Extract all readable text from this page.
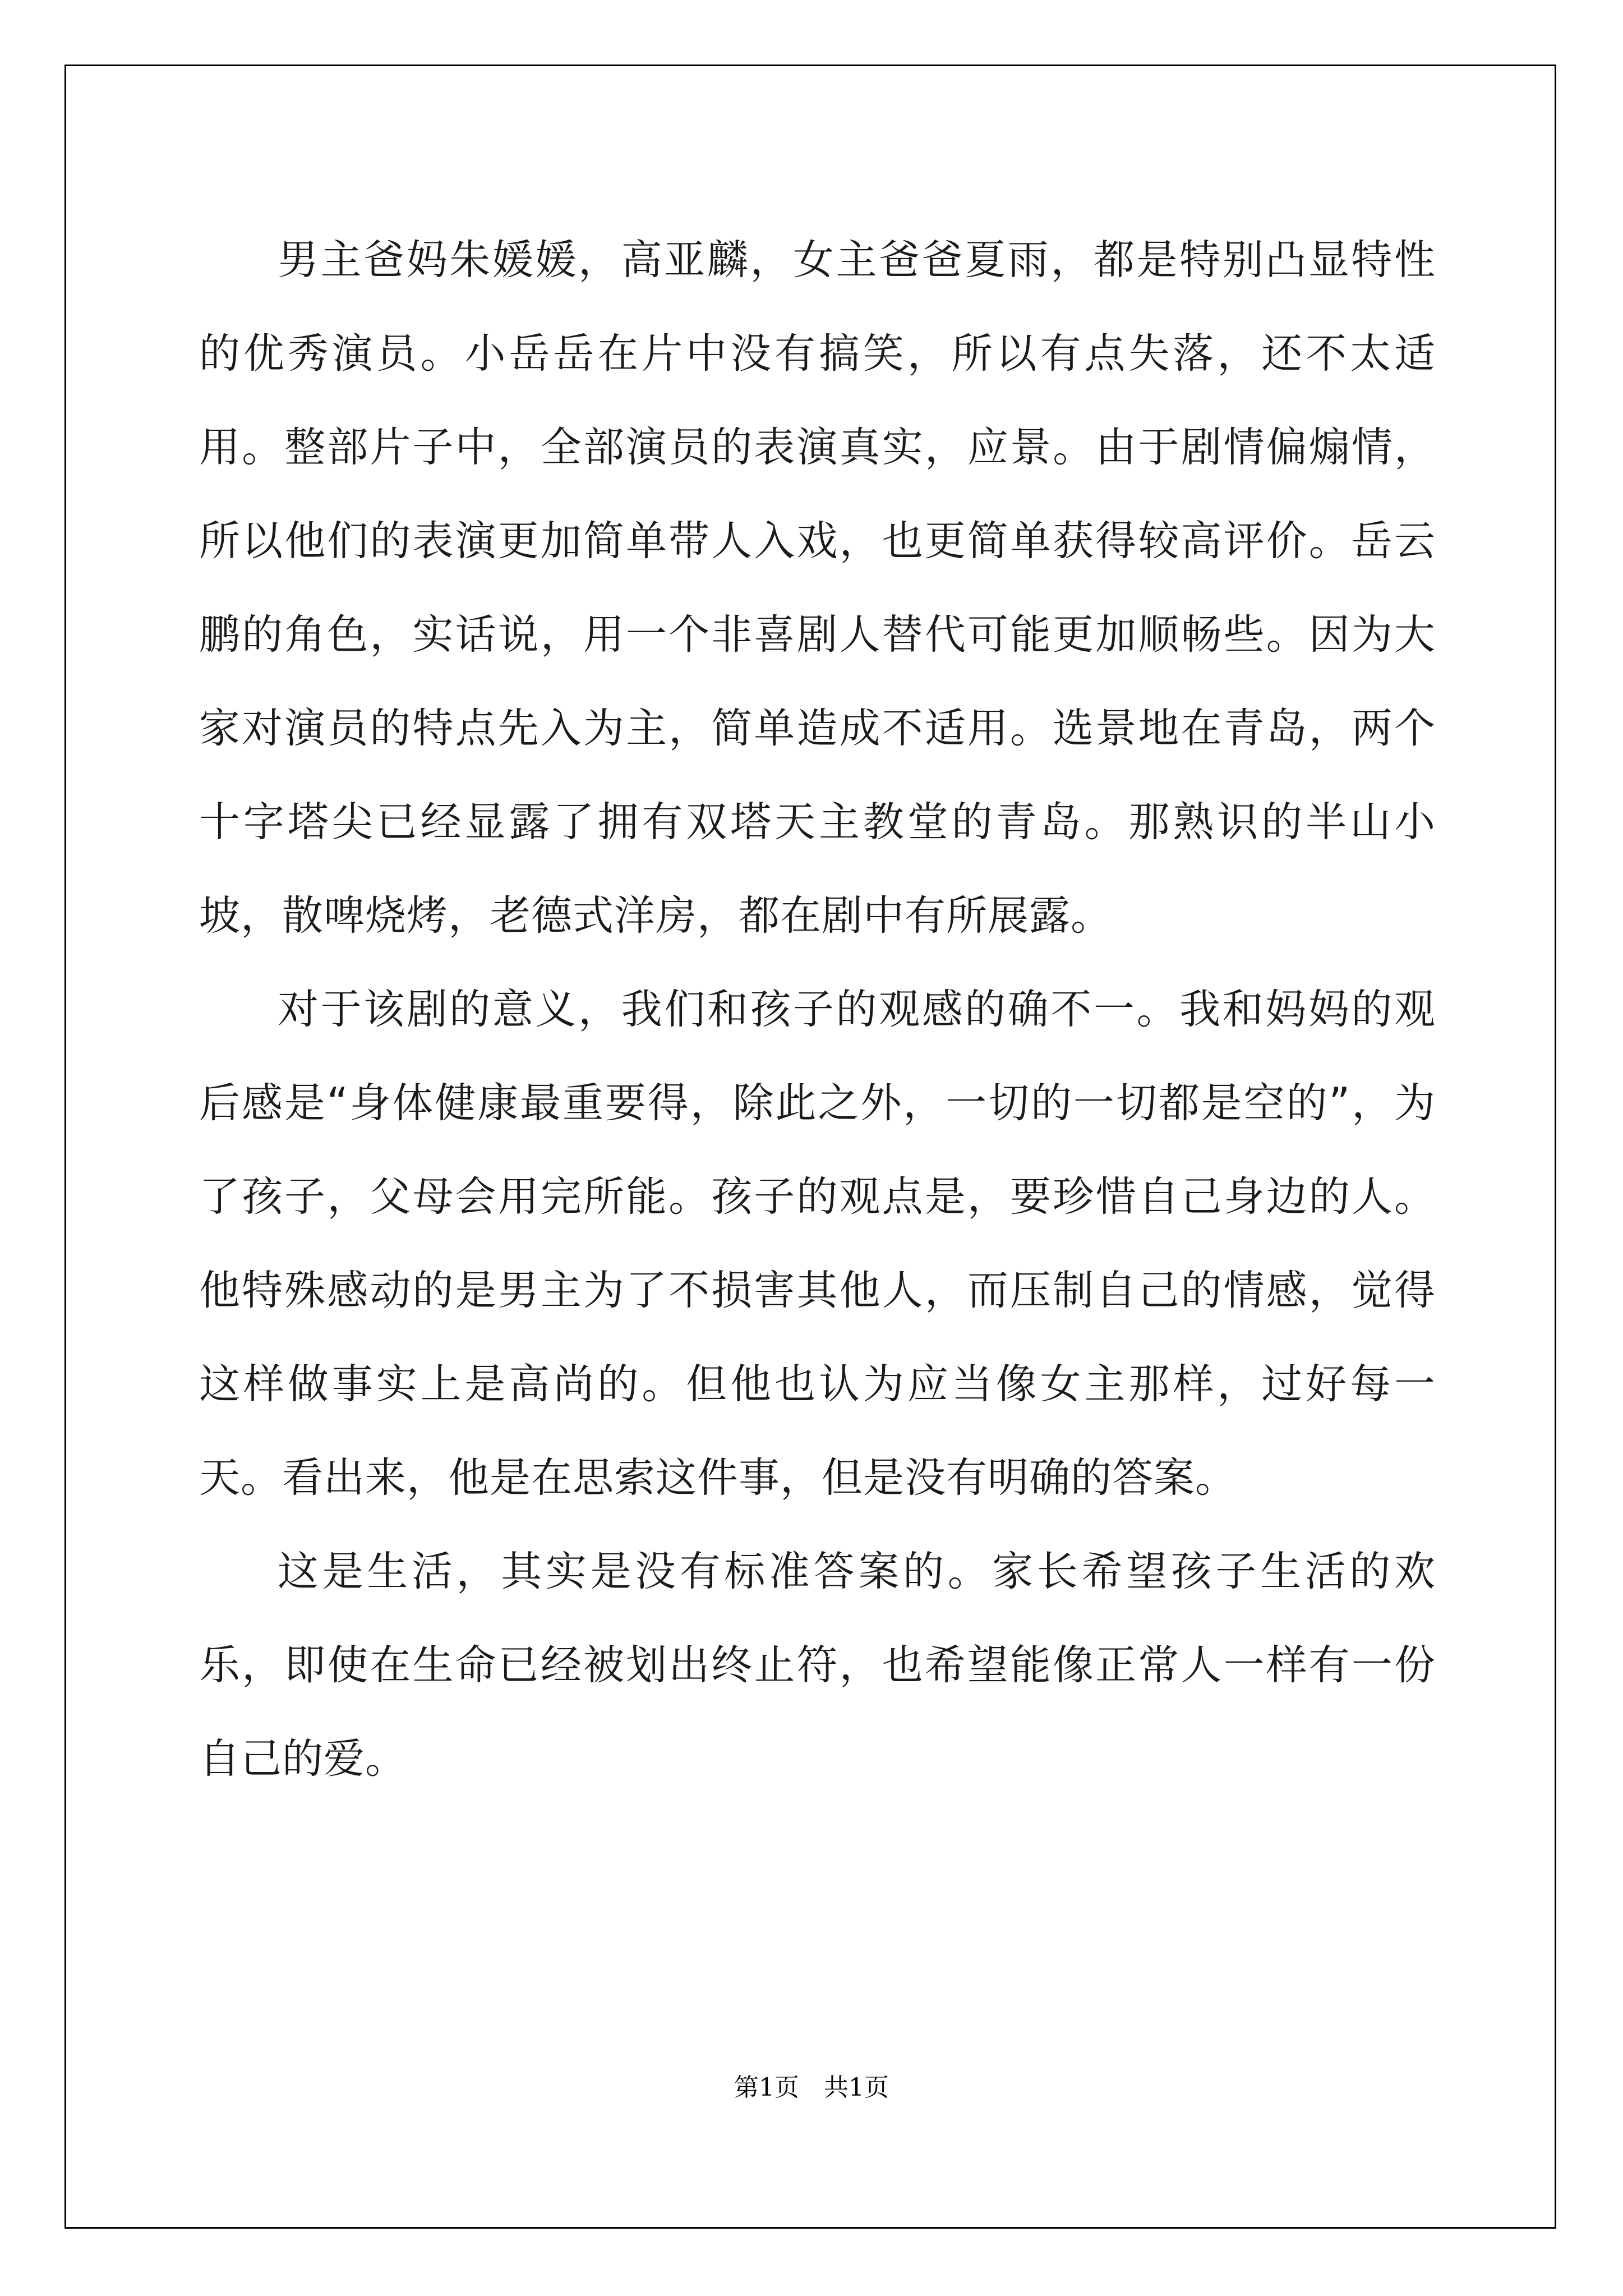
男主爸妈朱媛媛，高亚麟，女主爸爸夏雨，都是特别凸显特性的优秀演员。小岳岳在片中没有搞笑，所以有点失落，还不太适用。整部片子中，全部演员的表演真实，应景。由于剧情偏煽情，所以他们的表演更加简单带人入戏，也更简单获得较高评价。岳云鹏的角色，实话说，用一个非喜剧人替代可能更加顺畅些。因为大家对演员的特点先入为主，简单造成不适用。选景地在青岛，两个十字塔尖已经显露了拥有双塔天主教堂的青岛。那熟识的半山小坡，散啤烧烤，老德式洋房，都在剧中有所展露。

对于该剧的意义，我们和孩子的观感的确不一。我和妈妈的观后感是“身体健康最重要得，除此之外，一切的一切都是空的”，为了孩子，父母会用完所能。孩子的观点是，要珍惜自己身边的人。他特殊感动的是男主为了不损害其他人，而压制自己的情感，觉得这样做事实上是高尚的。但他也认为应当像女主那样，过好每一天。看出来，他是在思索这件事，但是没有明确的答案。

这是生活，其实是没有标准答案的。家长希望孩子生活的欢乐，即使在生命已经被划出终止符，也希望能像正常人一样有一份自己的爱。

第1页 共1页
